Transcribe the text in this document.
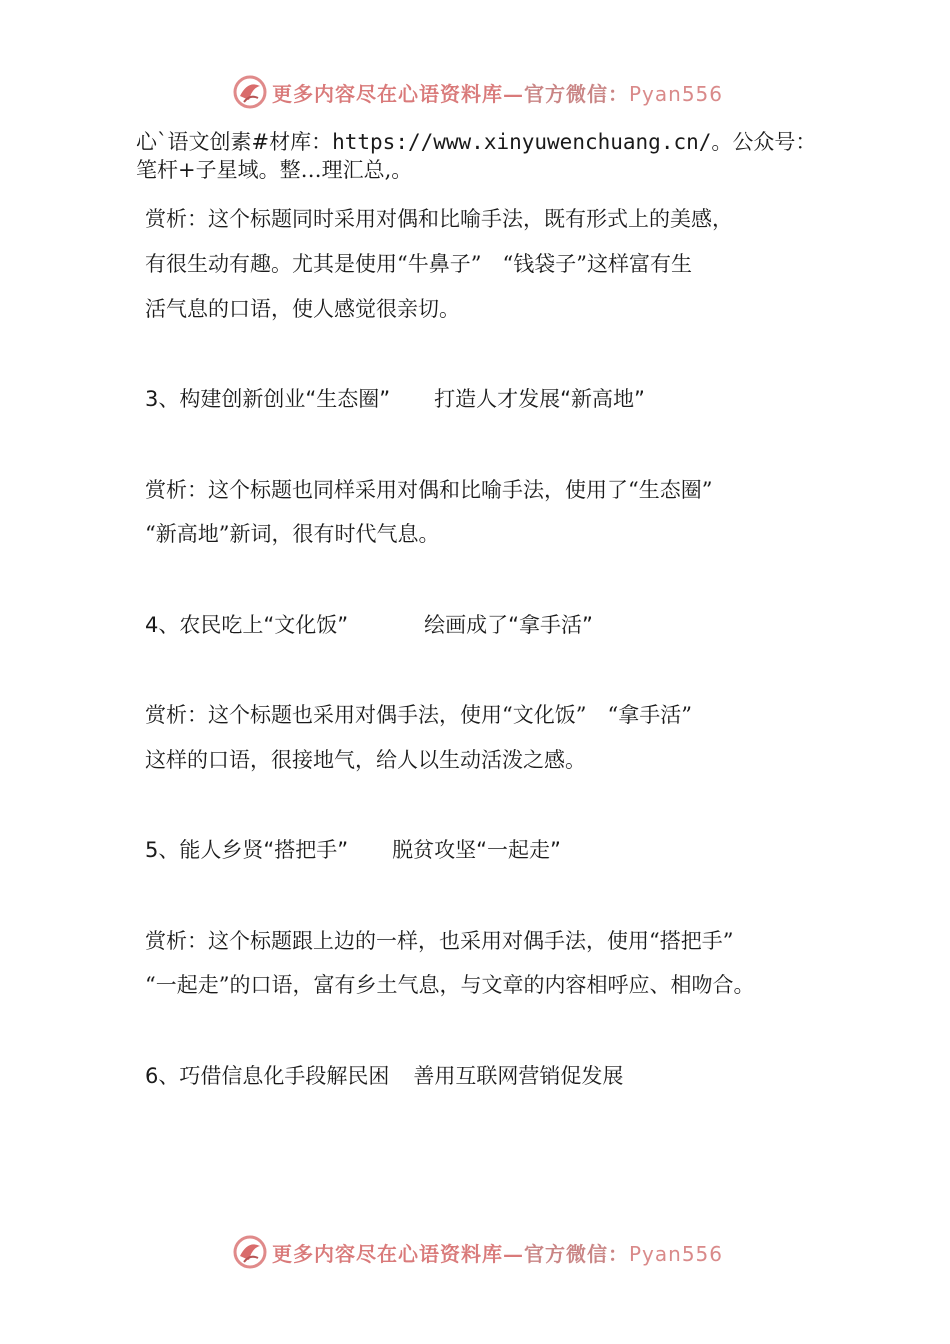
更多内容尽在心语资料库—官方微信：Pyan556
心`语文创素#材库：https://www.xinyuwenchuang.cn/。公众号：
笔杆+子星域。整…理汇总,。
赏析：这个标题同时采用对偶和比喻手法，既有形式上的美感，
有很生动有趣。尤其是使用“牛鼻子”　“钱袋子”这样富有生
活气息的口语，使人感觉很亲切。
3、构建创新创业“生态圈” 打造人才发展“新高地”
赏析：这个标题也同样采用对偶和比喻手法，使用了“生态圈”
“新高地”新词，很有时代气息。
4、农民吃上“文化饭”	绘画成了“拿手活”
赏析：这个标题也采用对偶手法，使用“文化饭”　“拿手活”
这样的口语，很接地气，给人以生动活泼之感。
5、能人乡贤“搭把手” 脱贫攻坚“一起走”
赏析：这个标题跟上边的一样，也采用对偶手法，使用“搭把手”
“一起走”的口语，富有乡土气息，与文章的内容相呼应、相吻合。
6、巧借信息化手段解民困 善用互联网营销促发展
更多内容尽在心语资料库—官方微信：Pyan556
